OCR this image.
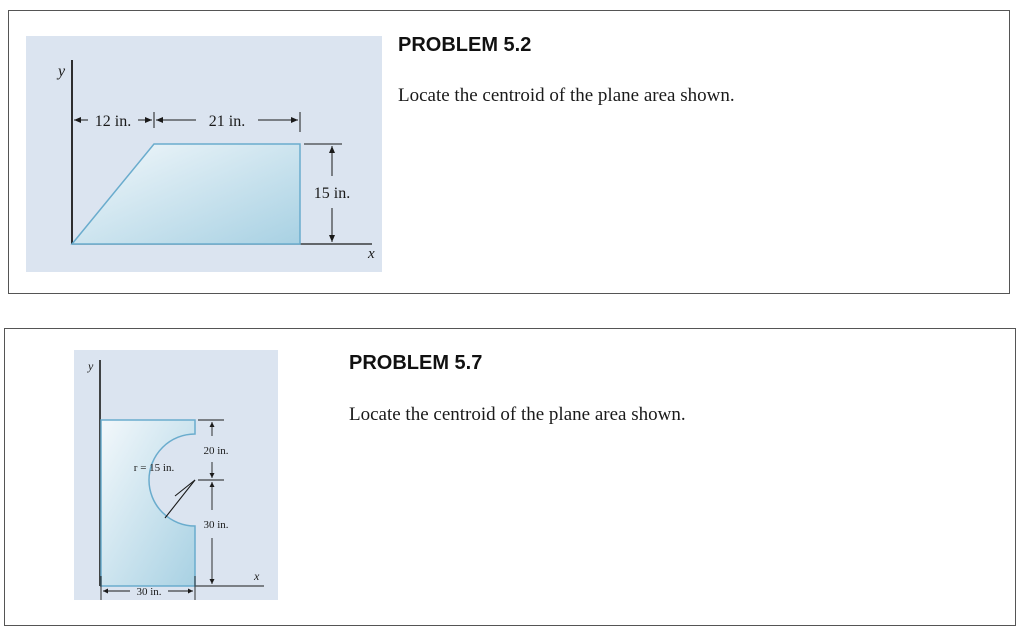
y
x
12 in.	21 in.
15 in.
PROBLEM 5.2
Locate the centroid of the plane area shown.
y
x
r = 15 in.
20 in.
30 in.
30 in.
PROBLEM 5.7
Locate the centroid of the plane area shown.
